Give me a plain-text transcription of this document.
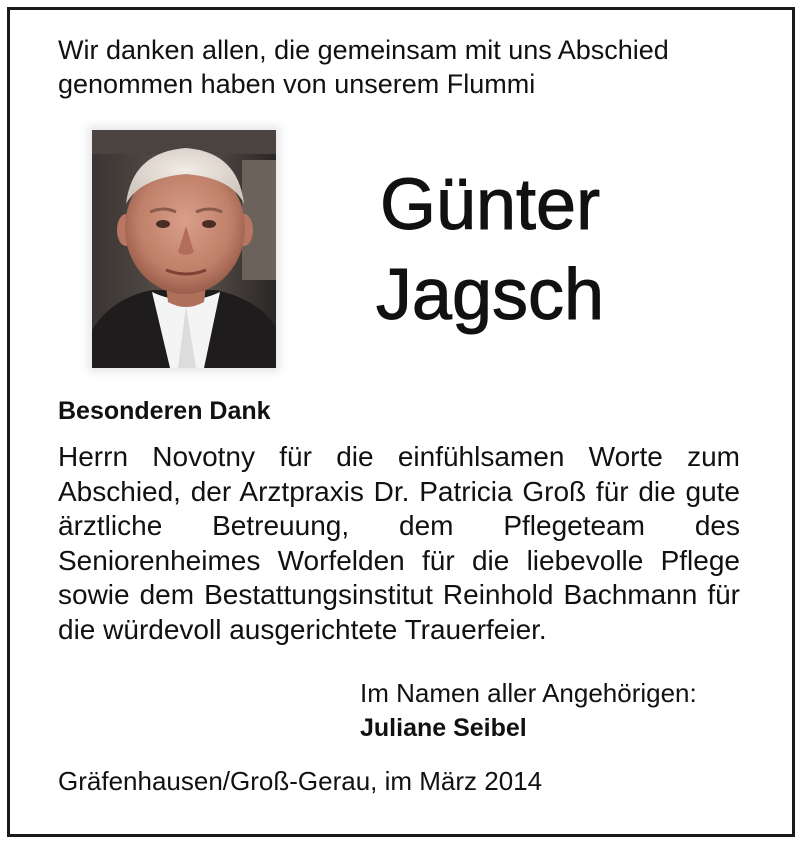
Wir danken allen, die gemeinsam mit uns Abschied
genommen haben von unserem Flummi

Günter
Jagsch
Besonderen Dank

Herrn Novotny für die einfühlsamen Worte zum Abschied, der Arztpraxis Dr. Patricia Groß für die gute ärztliche Betreuung, dem Pflegeteam des Seniorenheimes Worfelden für die liebevolle Pflege sowie dem Bestattungsinstitut Reinhold Bachmann für die würdevoll ausgerichtete Trauerfeier.

Im Namen aller Angehörigen:
Juliane Seibel

Gräfenhausen/Groß-Gerau, im März 2014
